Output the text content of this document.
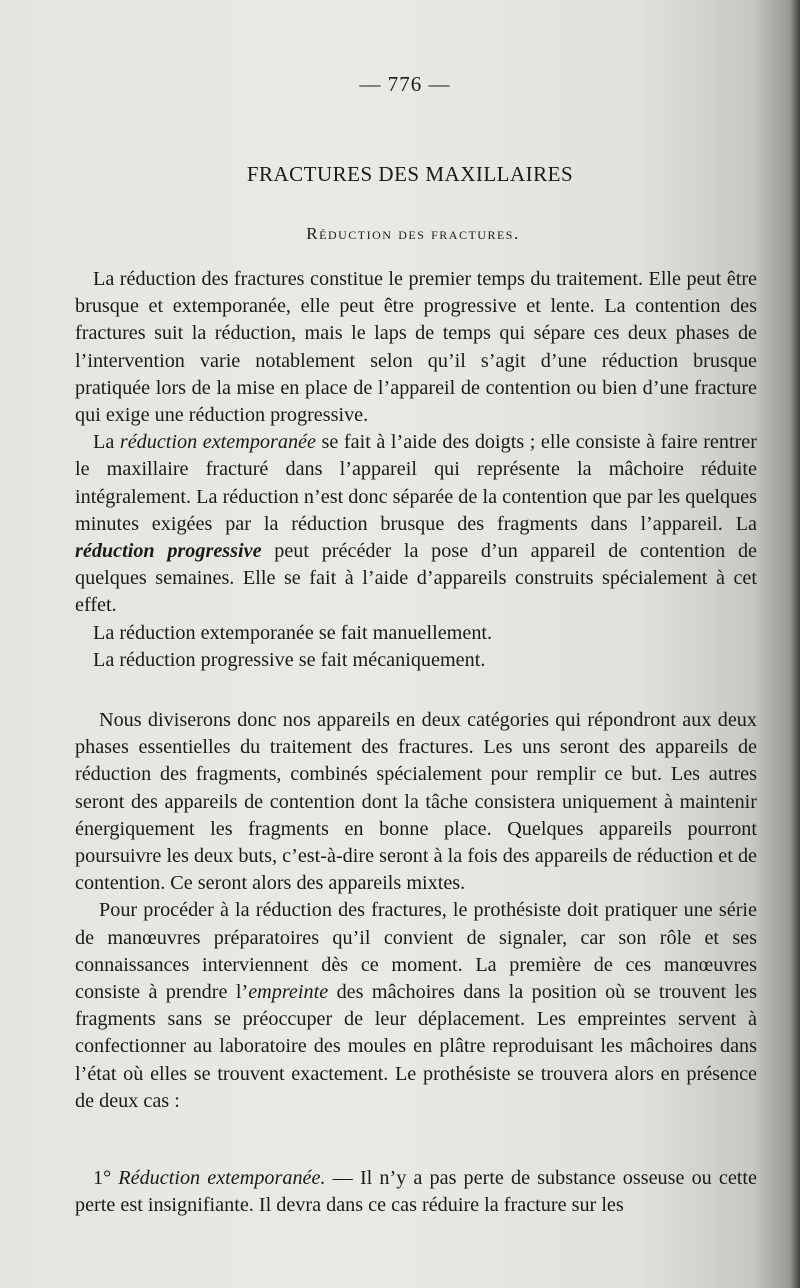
— 776 —
FRACTURES DES MAXILLAIRES
Réduction des fractures.

La réduction des fractures constitue le premier temps du traitement. Elle peut être brusque et extemporanée, elle peut être progressive et lente. La contention des fractures suit la réduction, mais le laps de temps qui sépare ces deux phases de l’intervention varie notablement selon qu’il s’agit d’une réduction brusque pratiquée lors de la mise en place de l’appareil de contention ou bien d’une fracture qui exige une réduction progressive.

La réduction extemporanée se fait à l’aide des doigts ; elle consiste à faire rentrer le maxillaire fracturé dans l’appareil qui représente la mâchoire réduite intégralement. La réduction n’est donc séparée de la contention que par les quelques minutes exigées par la réduction brusque des fragments dans l’appareil. La réduction progressive peut précéder la pose d’un appareil de contention de quelques semaines. Elle se fait à l’aide d’appareils construits spécialement à cet effet.

La réduction extemporanée se fait manuellement.

La réduction progressive se fait mécaniquement.

Nous diviserons donc nos appareils en deux catégories qui répondront aux deux phases essentielles du traitement des fractures. Les uns seront des appareils de réduction des fragments, combinés spécialement pour remplir ce but. Les autres seront des appareils de contention dont la tâche consistera uniquement à maintenir énergiquement les fragments en bonne place. Quelques appareils pourront poursuivre les deux buts, c’est-à-dire seront à la fois des appareils de réduction et de contention. Ce seront alors des appareils mixtes.

Pour procéder à la réduction des fractures, le prothésiste doit pratiquer une série de manœuvres préparatoires qu’il convient de signaler, car son rôle et ses connaissances interviennent dès ce moment. La première de ces manœuvres consiste à prendre l’empreinte des mâchoires dans la position où se trouvent les fragments sans se préoccuper de leur déplacement. Les empreintes servent à confectionner au laboratoire des moules en plâtre reproduisant les mâchoires dans l’état où elles se trouvent exactement. Le prothésiste se trouvera alors en présence de deux cas :

1° Réduction extemporanée. — Il n’y a pas perte de substance osseuse ou cette perte est insignifiante. Il devra dans ce cas réduire la fracture sur les
